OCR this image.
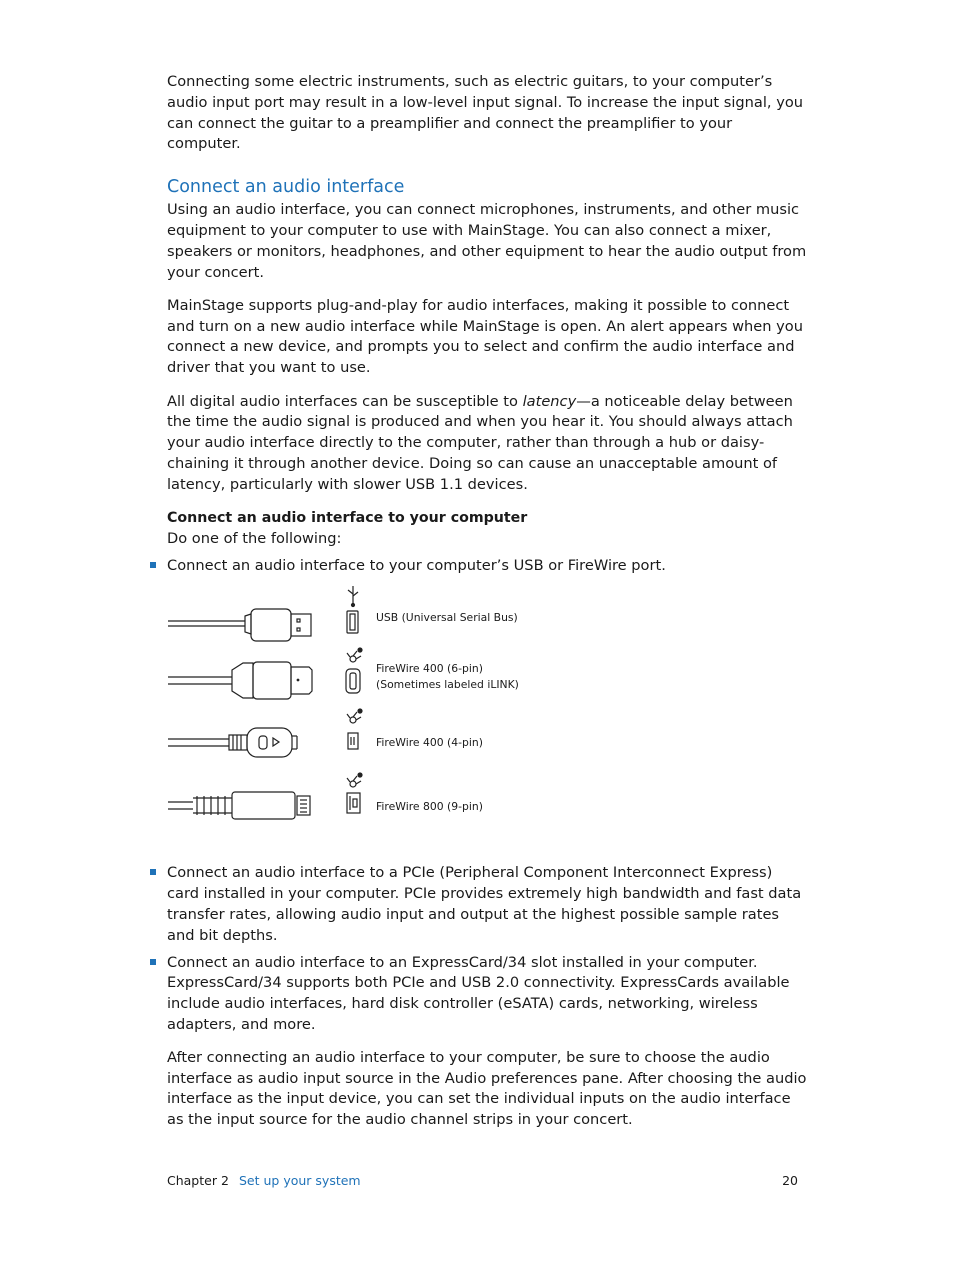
Connecting some electric instruments, such as electric guitars, to your computer’s audio input port may result in a low-level input signal. To increase the input signal, you can connect the guitar to a preamplifier and connect the preamplifier to your computer.

Connect an audio interface

Using an audio interface, you can connect microphones, instruments, and other music equipment to your computer to use with MainStage. You can also connect a mixer, speakers or monitors, headphones, and other equipment to hear the audio output from your concert.

MainStage supports plug-and-play for audio interfaces, making it possible to connect and turn on a new audio interface while MainStage is open. An alert appears when you connect a new device, and prompts you to select and confirm the audio interface and driver that you want to use.

All digital audio interfaces can be susceptible to latency—a noticeable delay between the time the audio signal is produced and when you hear it. You should always attach your audio interface directly to the computer, rather than through a hub or daisy-chaining it through another device. Doing so can cause an unacceptable amount of latency, particularly with slower USB 1.1 devices.

Connect an audio interface to your computer

Do one of the following:

Connect an audio interface to your computer’s USB or FireWire port.

USB (Universal Serial Bus)
FireWire 400 (6-pin)
(Sometimes labeled iLINK)
FireWire 400 (4-pin)
FireWire 800 (9-pin)

Connect an audio interface to a PCIe (Peripheral Component Interconnect Express) card installed in your computer. PCIe provides extremely high bandwidth and fast data transfer rates, allowing audio input and output at the highest possible sample rates and bit depths.

Connect an audio interface to an ExpressCard/34 slot installed in your computer. ExpressCard/34 supports both PCIe and USB 2.0 connectivity. ExpressCards available include audio interfaces, hard disk controller (eSATA) cards, networking, wireless adapters, and more.

After connecting an audio interface to your computer, be sure to choose the audio interface as audio input source in the Audio preferences pane. After choosing the audio interface as the input device, you can set the individual inputs on the audio interface as the input source for the audio channel strips in your concert.

Chapter 2 Set up your system	20
